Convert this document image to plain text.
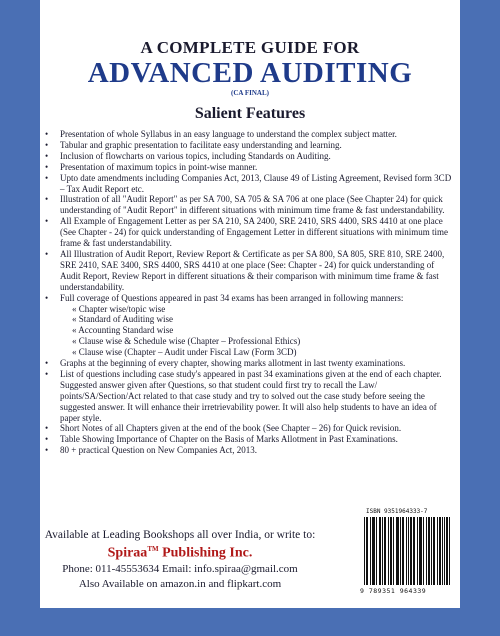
A COMPLETE GUIDE FOR
ADVANCED AUDITING
(CA FINAL)
Salient Features
• Presentation of whole Syllabus in an easy language to understand the complex subject matter.
• Tabular and graphic presentation to facilitate easy understanding and learning.
• Inclusion of flowcharts on various topics, including Standards on Auditing.
• Presentation of maximum topics in point-wise manner.
• Upto date amendments including Companies Act, 2013, Clause 49 of Listing Agreement, Revised form 3CD – Tax Audit Report etc.
• Illustration of all "Audit Report" as per SA 700, SA 705 & SA 706 at one place (See Chapter 24) for quick understanding of "Audit Report" in different situations with minimum time frame & fast understandability.
• All Example of Engagement Letter as per SA 210, SA 2400, SRE 2410, SRS 4400, SRS 4410 at one place (See Chapter - 24) for quick understanding of Engagement Letter in different situations with minimum time frame & fast understandability.
• All Illustration of Audit Report, Review Report & Certificate as per SA 800, SA 805, SRE 810, SRE 2400, SRE 2410, SAE 3400, SRS 4400, SRS 4410 at one place (See: Chapter - 24) for quick understanding of Audit Report, Review Report in different situations & their comparison with minimum time frame & fast understandability.
• Full coverage of Questions appeared in past 34 exams has been arranged in following manners:
« Chapter wise/topic wise
« Standard of Auditing wise
« Accounting Standard wise
« Clause wise & Schedule wise (Chapter – Professional Ethics)
« Clause wise (Chapter – Audit under Fiscal Law (Form 3CD)
• Graphs at the beginning of every chapter, showing marks allotment in last twenty examinations.
• List of questions including case study's appeared in past 34 examinations given at the end of each chapter. Suggested answer given after Questions, so that student could first try to recall the Law/ points/SA/Section/Act related to that case study and try to solved out the case study before seeing the suggested answer. It will enhance their irretrievability power. It will also help students to have an idea of paper style.
• Short Notes of all Chapters given at the end of the book (See Chapter – 26) for Quick revision.
• Table Showing Importance of Chapter on the Basis of Marks Allotment in Past Examinations.
• 80 + practical Question on New Companies Act, 2013.
Available at Leading Bookshops all over India, or write to:
Spiraa™ Publishing Inc.
Phone: 011-45553634 Email: info.spiraa@gmail.com
Also Available on amazon.in and flipkart.com
ISBN 9351964333-7
9 789351 964339
